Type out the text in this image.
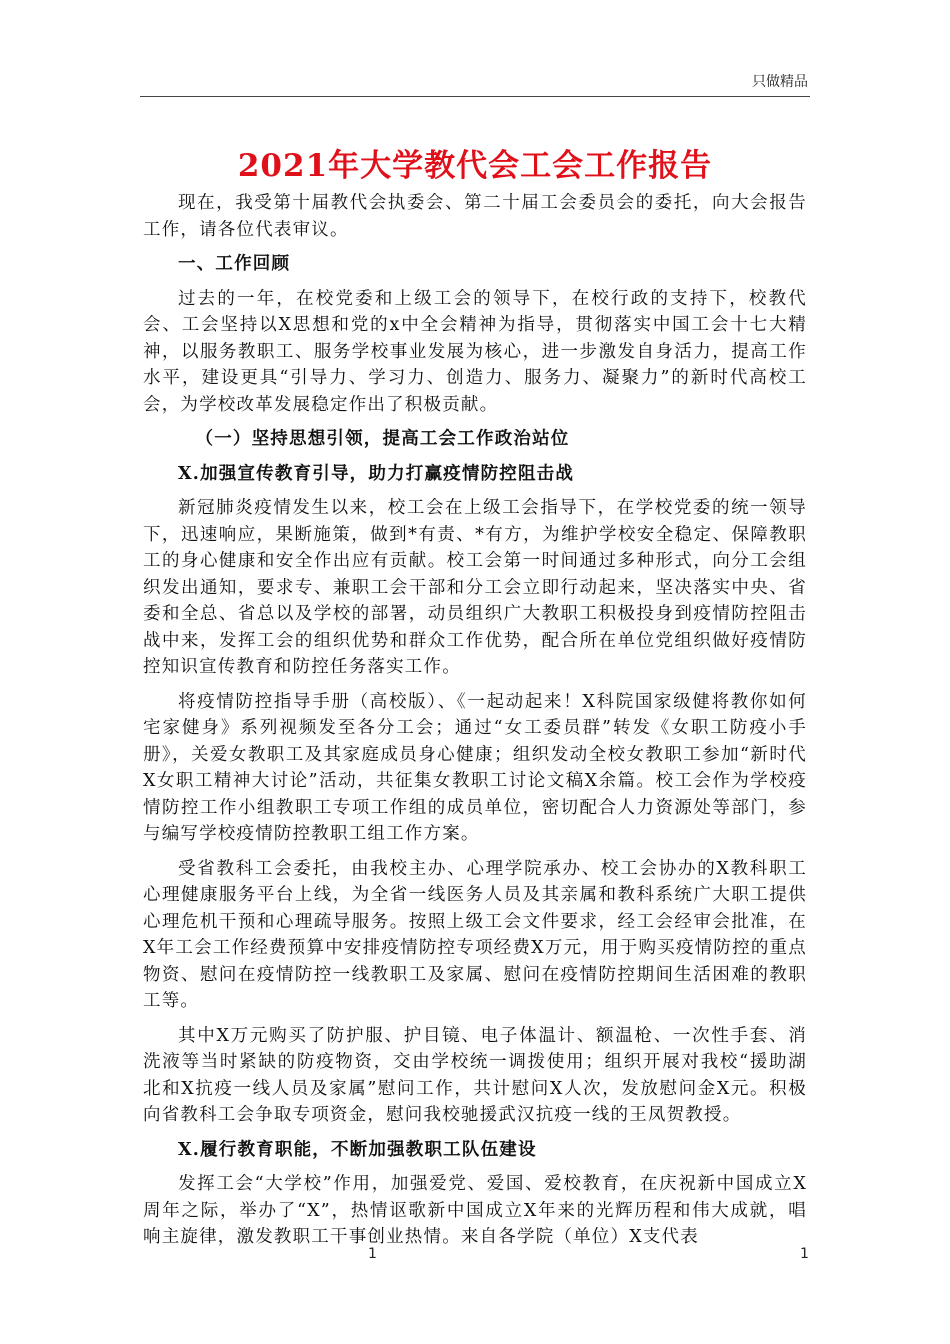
只做精品
2021年大学教代会工会工作报告

现在，我受第十届教代会执委会、第二十届工会委员会的委托，向大会报告工作，请各位代表审议。

一、工作回顾

过去的一年，在校党委和上级工会的领导下，在校行政的支持下，校教代会、工会坚持以X思想和党的x中全会精神为指导，贯彻落实中国工会十七大精神，以服务教职工、服务学校事业发展为核心，进一步激发自身活力，提高工作水平，建设更具“引导力、学习力、创造力、服务力、凝聚力”的新时代高校工会，为学校改革发展稳定作出了积极贡献。

（一）坚持思想引领，提高工会工作政治站位

X.加强宣传教育引导，助力打赢疫情防控阻击战

新冠肺炎疫情发生以来，校工会在上级工会指导下，在学校党委的统一领导下，迅速响应，果断施策，做到*有责、*有方，为维护学校安全稳定、保障教职工的身心健康和安全作出应有贡献。校工会第一时间通过多种形式，向分工会组织发出通知，要求专、兼职工会干部和分工会立即行动起来，坚决落实中央、省委和全总、省总以及学校的部署，动员组织广大教职工积极投身到疫情防控阻击战中来，发挥工会的组织优势和群众工作优势，配合所在单位党组织做好疫情防控知识宣传教育和防控任务落实工作。

将疫情防控指导手册（高校版）、《一起动起来！X科院国家级健将教你如何宅家健身》系列视频发至各分工会；通过“女工委员群”转发《女职工防疫小手册》，关爱女教职工及其家庭成员身心健康；组织发动全校女教职工参加“新时代X女职工精神大讨论”活动，共征集女教职工讨论文稿X余篇。校工会作为学校疫情防控工作小组教职工专项工作组的成员单位，密切配合人力资源处等部门，参与编写学校疫情防控教职工组工作方案。

受省教科工会委托，由我校主办、心理学院承办、校工会协办的X教科职工心理健康服务平台上线，为全省一线医务人员及其亲属和教科系统广大职工提供心理危机干预和心理疏导服务。按照上级工会文件要求，经工会经审会批准，在X年工会工作经费预算中安排疫情防控专项经费X万元，用于购买疫情防控的重点物资、慰问在疫情防控一线教职工及家属、慰问在疫情防控期间生活困难的教职工等。

其中X万元购买了防护服、护目镜、电子体温计、额温枪、一次性手套、消洗液等当时紧缺的防疫物资，交由学校统一调拨使用；组织开展对我校“援助湖北和X抗疫一线人员及家属”慰问工作，共计慰问X人次，发放慰问金X元。积极向省教科工会争取专项资金，慰问我校驰援武汉抗疫一线的王凤贺教授。

X.履行教育职能，不断加强教职工队伍建设

发挥工会“大学校”作用，加强爱党、爱国、爱校教育，在庆祝新中国成立X周年之际，举办了“X”，热情讴歌新中国成立X年来的光辉历程和伟大成就，唱响主旋律，激发教职工干事创业热情。来自各学院（单位）X支代表

1	1
